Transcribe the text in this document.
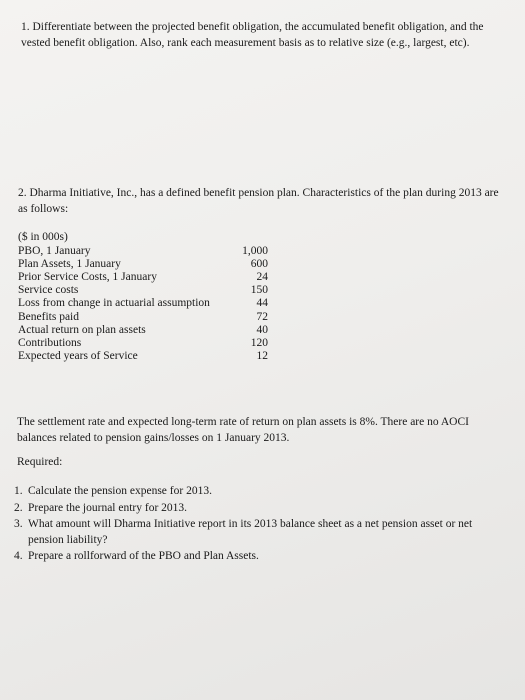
1. Differentiate between the projected benefit obligation, the accumulated benefit obligation, and the vested benefit obligation. Also, rank each measurement basis as to relative size (e.g., largest, etc).
2. Dharma Initiative, Inc., has a defined benefit pension plan. Characteristics of the plan during 2013 are as follows:
($ in 000s)	
PBO, 1 January	1,000
Plan Assets, 1 January	600
Prior Service Costs, 1 January	24
Service costs	150
Loss from change in actuarial assumption	44
Benefits paid	72
Actual return on plan assets	40
Contributions	120
Expected years of Service	12
The settlement rate and expected long-term rate of return on plan assets is 8%. There are no AOCI balances related to pension gains/losses on 1 January 2013.
Required:
1. Calculate the pension expense for 2013.
2. Prepare the journal entry for 2013.
3. What amount will Dharma Initiative report in its 2013 balance sheet as a net pension asset or net pension liability?
4. Prepare a rollforward of the PBO and Plan Assets.
